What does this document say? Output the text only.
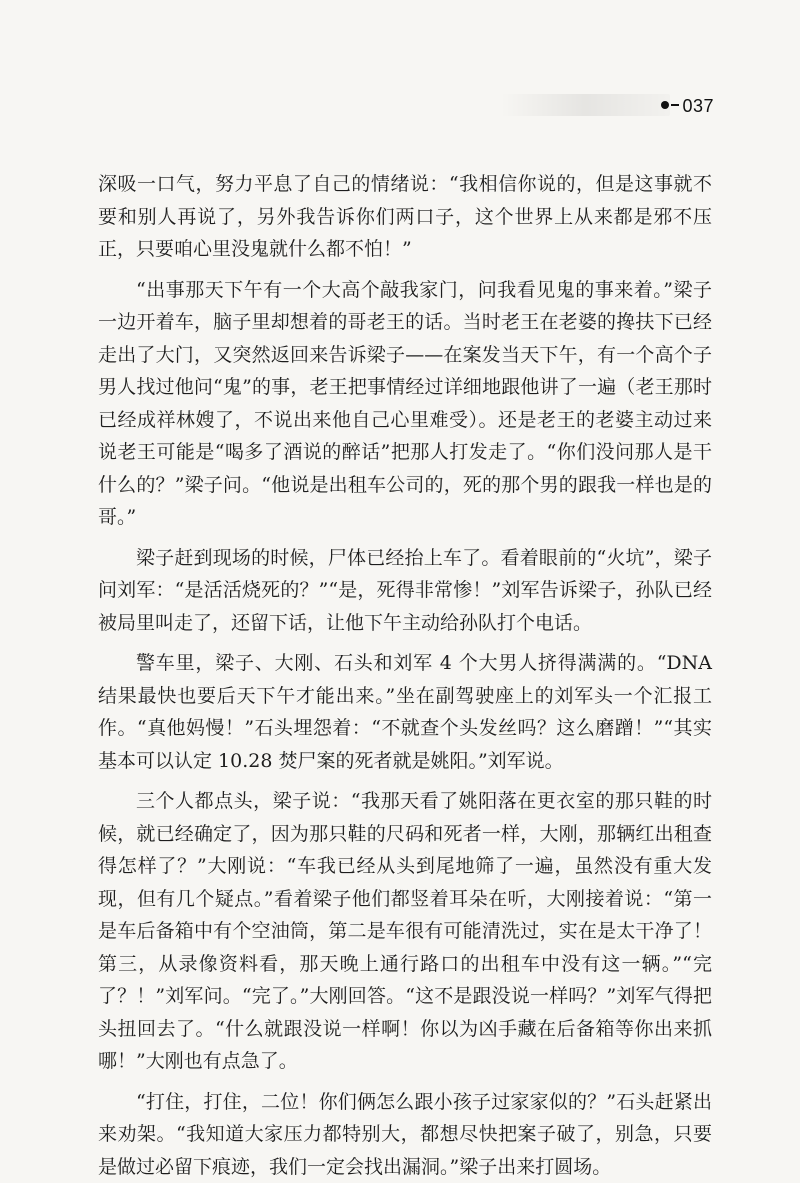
037

深吸一口气，努力平息了自己的情绪说：“我相信你说的，但是这事就不要和别人再说了，另外我告诉你们两口子，这个世界上从来都是邪不压正，只要咱心里没鬼就什么都不怕！”

“出事那天下午有一个大高个敲我家门，问我看见鬼的事来着。”梁子一边开着车，脑子里却想着的哥老王的话。当时老王在老婆的搀扶下已经走出了大门，又突然返回来告诉梁子——在案发当天下午，有一个高个子男人找过他问“鬼”的事，老王把事情经过详细地跟他讲了一遍（老王那时已经成祥林嫂了，不说出来他自己心里难受）。还是老王的老婆主动过来说老王可能是“喝多了酒说的醉话”把那人打发走了。“你们没问那人是干什么的？”梁子问。“他说是出租车公司的，死的那个男的跟我一样也是的哥。”

梁子赶到现场的时候，尸体已经抬上车了。看着眼前的“火坑”，梁子问刘军：“是活活烧死的？”“是，死得非常惨！”刘军告诉梁子，孙队已经被局里叫走了，还留下话，让他下午主动给孙队打个电话。

警车里，梁子、大刚、石头和刘军 4 个大男人挤得满满的。“DNA 结果最快也要后天下午才能出来。”坐在副驾驶座上的刘军头一个汇报工作。“真他妈慢！”石头埋怨着：“不就查个头发丝吗？这么磨蹭！”“其实基本可以认定 10.28 焚尸案的死者就是姚阳。”刘军说。

三个人都点头，梁子说：“我那天看了姚阳落在更衣室的那只鞋的时候，就已经确定了，因为那只鞋的尺码和死者一样，大刚，那辆红出租查得怎样了？”大刚说：“车我已经从头到尾地筛了一遍，虽然没有重大发现，但有几个疑点。”看着梁子他们都竖着耳朵在听，大刚接着说：“第一是车后备箱中有个空油筒，第二是车很有可能清洗过，实在是太干净了！第三，从录像资料看，那天晚上通行路口的出租车中没有这一辆。”“完了？！”刘军问。“完了。”大刚回答。“这不是跟没说一样吗？”刘军气得把头扭回去了。“什么就跟没说一样啊！你以为凶手藏在后备箱等你出来抓哪！”大刚也有点急了。

“打住，打住，二位！你们俩怎么跟小孩子过家家似的？”石头赶紧出来劝架。“我知道大家压力都特别大，都想尽快把案子破了，别急，只要是做过必留下痕迹，我们一定会找出漏洞。”梁子出来打圆场。
